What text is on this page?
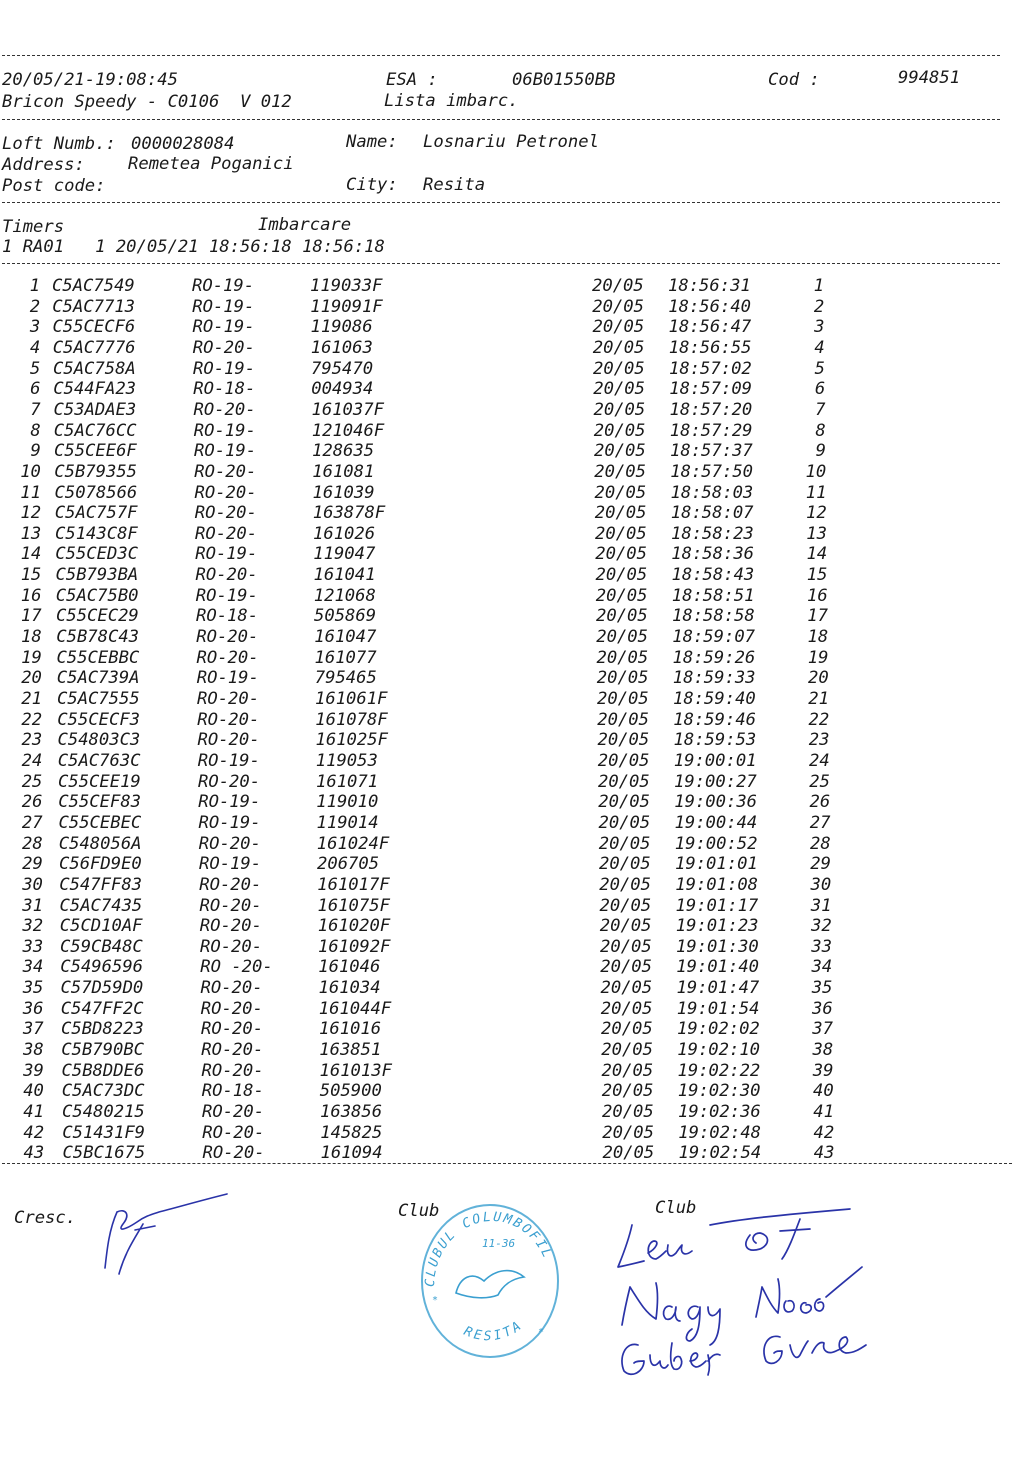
20/05/21-19:08:45	ESA :	06B01550BB	Cod :	994851
Bricon Speedy - C0106  V 012	Lista imbarc.
Loft Numb.: 0000028084	Name: Losnariu Petronel
Address:	Remetea Poganici
Post code:	City: Resita
Timers	Imbarcare
1 RA01   1 20/05/21 18:56:18 18:56:18
1 C5AC7549	RO-19-	119033F	20/05 18:56:31	1
2 C5AC7713	RO-19-	119091F	20/05 18:56:40	2
3 C55CECF6	RO-19-	119086	20/05 18:56:47	3
4 C5AC7776	RO-20-	161063	20/05 18:56:55	4
5 C5AC758A	RO-19-	795470	20/05 18:57:02	5
6 C544FA23	RO-18-	004934	20/05 18:57:09	6
7 C53ADAE3	RO-20-	161037F	20/05 18:57:20	7
8 C5AC76CC	RO-19-	121046F	20/05 18:57:29	8
9 C55CEE6F	RO-19-	128635	20/05 18:57:37	9
10 C5B79355	RO-20-	161081	20/05 18:57:50	10
11 C5078566	RO-20-	161039	20/05 18:58:03	11
12 C5AC757F	RO-20-	163878F	20/05 18:58:07	12
13 C5143C8F	RO-20-	161026	20/05 18:58:23	13
14 C55CED3C	RO-19-	119047	20/05 18:58:36	14
15 C5B793BA	RO-20-	161041	20/05 18:58:43	15
16 C5AC75B0	RO-19-	121068	20/05 18:58:51	16
17 C55CEC29	RO-18-	505869	20/05 18:58:58	17
18 C5B78C43	RO-20-	161047	20/05 18:59:07	18
19 C55CEBBC	RO-20-	161077	20/05 18:59:26	19
20 C5AC739A	RO-19-	795465	20/05 18:59:33	20
21 C5AC7555	RO-20-	161061F	20/05 18:59:40	21
22 C55CECF3	RO-20-	161078F	20/05 18:59:46	22
23 C54803C3	RO-20-	161025F	20/05 18:59:53	23
24 C5AC763C	RO-19-	119053	20/05 19:00:01	24
25 C55CEE19	RO-20-	161071	20/05 19:00:27	25
26 C55CEF83	RO-19-	119010	20/05 19:00:36	26
27 C55CEBEC	RO-19-	119014	20/05 19:00:44	27
28 C548056A	RO-20-	161024F	20/05 19:00:52	28
29 C56FD9E0	RO-19-	206705	20/05 19:01:01	29
30 C547FF83	RO-20-	161017F	20/05 19:01:08	30
31 C5AC7435	RO-20-	161075F	20/05 19:01:17	31
32 C5CD10AF	RO-20-	161020F	20/05 19:01:23	32
33 C59CB48C	RO-20-	161092F	20/05 19:01:30	33
34 C5496596	RO -20-	161046	20/05 19:01:40	34
35 C57D59D0	RO-20-	161034	20/05 19:01:47	35
36 C547FF2C	RO-20-	161044F	20/05 19:01:54	36
37 C5BD8223	RO-20-	161016	20/05 19:02:02	37
38 C5B790BC	RO-20-	163851	20/05 19:02:10	38
39 C5B8DDE6	RO-20-	161013F	20/05 19:02:22	39
40 C5AC73DC	RO-18-	505900	20/05 19:02:30	40
41 C5480215	RO-20-	163856	20/05 19:02:36	41
42 C51431F9	RO-20-	145825	20/05 19:02:48	42
43 C5BC1675	RO-20-	161094	20/05 19:02:54	43
Cresc.	Club	Club
CLUBUL COLUMBOFIL
RESITA
11-36
*
*
